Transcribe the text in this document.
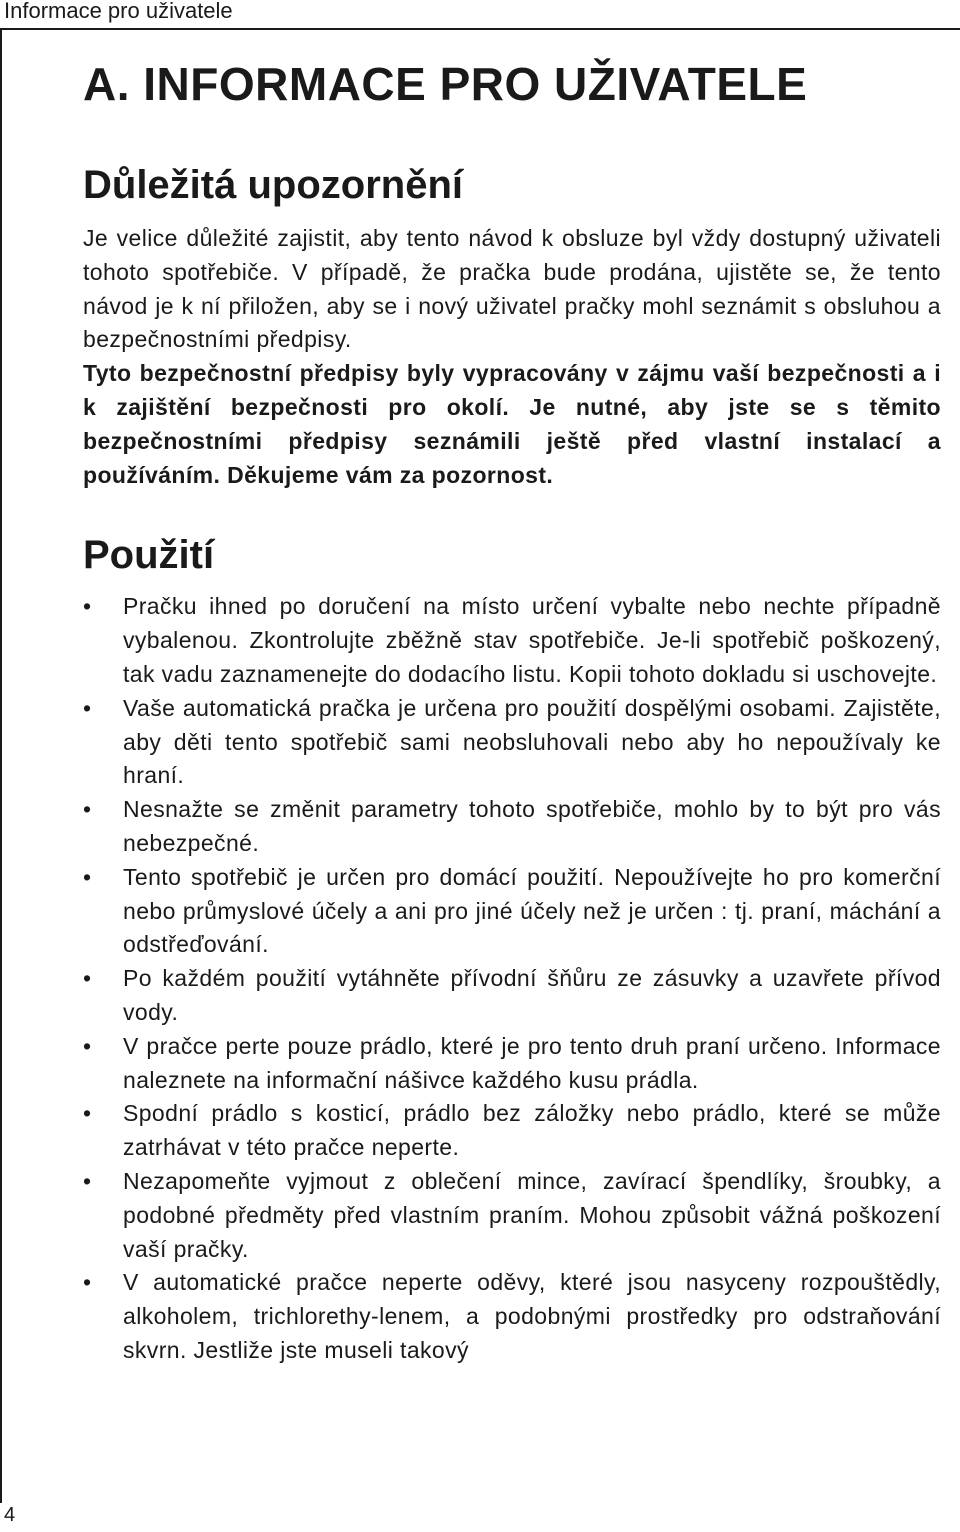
Informace pro uživatele
4
A. INFORMACE PRO UŽIVATELE
Důležitá upozornění

Je velice důležité zajistit, aby tento návod k obsluze byl vždy dostupný uživateli tohoto spotřebiče. V případě, že pračka bude prodána, ujistěte se, že tento návod je k ní přiložen, aby se i nový uživatel pračky mohl seznámit s obsluhou a bezpečnostními předpisy.

Tyto bezpečnostní předpisy byly vypracovány v zájmu vaší bezpečnosti a i k zajištění bezpečnosti pro okolí. Je nutné, aby jste se s těmito bezpečnostními předpisy seznámili ještě před vlastní instalací a používáním. Děkujeme vám za pozornost.

Použití
• Pračku ihned po doručení na místo určení vybalte nebo nechte případně vybalenou. Zkontrolujte zběžně stav spotřebiče. Je-li spotřebič poškozený, tak vadu zaznamenejte do dodacího listu. Kopii tohoto dokladu si uschovejte.
• Vaše automatická pračka je určena pro použití dospělými osobami. Zajistěte, aby děti tento spotřebič sami neobsluhovali nebo aby ho nepoužívaly ke hraní.
• Nesnažte se změnit parametry tohoto spotřebiče, mohlo by to být pro vás nebezpečné.
• Tento spotřebič je určen pro domácí použití. Nepoužívejte ho pro komerční nebo průmyslové účely a ani pro jiné účely než je určen : tj. praní, máchání a odstřeďování.
• Po každém použití vytáhněte přívodní šňůru ze zásuvky a uzavřete přívod vody.
• V pračce perte pouze prádlo, které je pro tento druh praní určeno. Informace naleznete na informační nášivce každého kusu prádla.
• Spodní prádlo s kosticí, prádlo bez záložky nebo prádlo, které se může zatrhávat v této pračce neperte.
• Nezapomeňte vyjmout z oblečení mince, zavírací špendlíky, šroubky, a podobné předměty před vlastním praním. Mohou způsobit vážná poškození vaší pračky.
• V automatické pračce neperte oděvy, které jsou nasyceny rozpouštědly, alkoholem, trichlorethy-lenem, a podobnými prostředky pro odstraňování skvrn. Jestliže jste museli takový
